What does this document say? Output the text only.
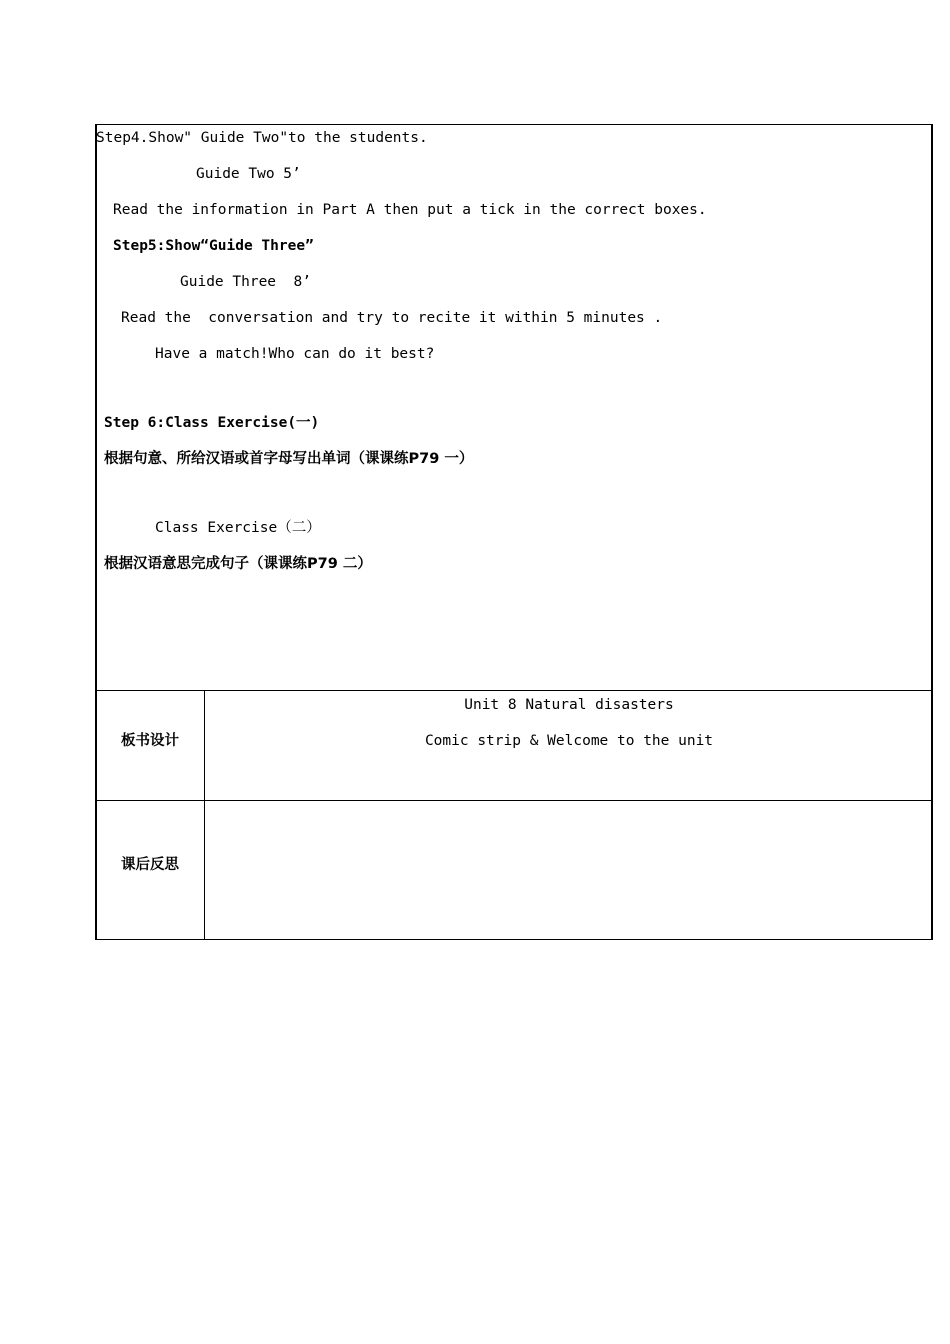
Step4.Show" Guide Two"to the students.
Guide Two 5’
Read the information in Part A then put a tick in the correct boxes.
Step5:Show“Guide Three”
Guide Three  8’
Read the  conversation and try to recite it within 5 minutes .
Have a match!Who can do it best?
Step 6:Class Exercise(一)
根据句意、所给汉语或首字母写出单词（课课练P79 一）
Class Exercise（二）
根据汉语意思完成句子（课课练P79 二）
板书设计
Unit 8 Natural disasters
Comic strip & Welcome to the unit
课后反思
